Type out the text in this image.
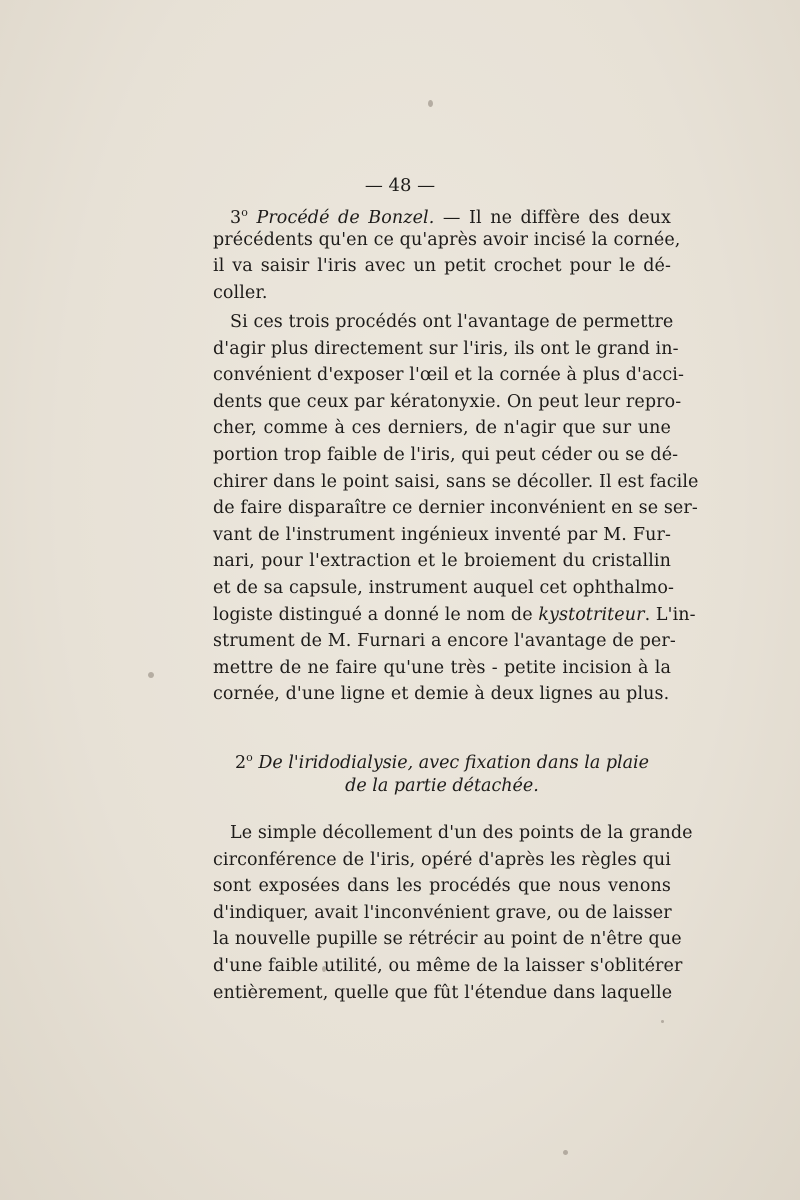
— 48 —
3$^o$ Procédé de Bonzel. — Il ne diffère des deux
précédents qu'en ce qu'après avoir incisé la cornée,
il va saisir l'iris avec un petit crochet pour le dé-
coller.
Si ces trois procédés ont l'avantage de permettre
d'agir plus directement sur l'iris, ils ont le grand in-
convénient d'exposer l'œil et la cornée à plus d'acci-
dents que ceux par kératonyxie. On peut leur repro-
cher, comme à ces derniers, de n'agir que sur une
portion trop faible de l'iris, qui peut céder ou se dé-
chirer dans le point saisi, sans se décoller. Il est facile
de faire disparaître ce dernier inconvénient en se ser-
vant de l'instrument ingénieux inventé par M. Fur-
nari, pour l'extraction et le broiement du cristallin
et de sa capsule, instrument auquel cet ophthalmo-
logiste distingué a donné le nom de kystotriteur. L'in-
strument de M. Furnari a encore l'avantage de per-
mettre de ne faire qu'une très - petite incision à la
cornée, d'une ligne et demie à deux lignes au plus.
2$^o$ De l'iridodialysie, avec fixation dans la plaie
de la partie détachée.
Le simple décollement d'un des points de la grande
circonférence de l'iris, opéré d'après les règles qui
sont exposées dans les procédés que nous venons
d'indiquer, avait l'inconvénient grave, ou de laisser
la nouvelle pupille se rétrécir au point de n'être que
d'une faible utilité, ou même de la laisser s'oblitérer
entièrement, quelle que fût l'étendue dans laquelle
